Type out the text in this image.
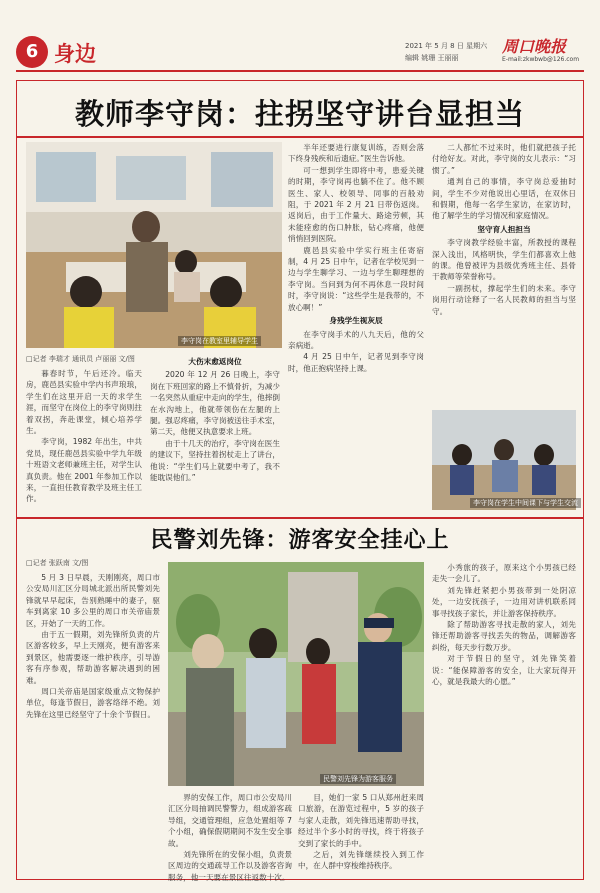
6 身边	2021 年 5 月 8 日 星期六
编辑 姚珊 王丽丽
周口晚报
E-mail:zkwbwb@126.com
教师李守岗：拄拐坚守讲台显担当
李守岗在教室里辅导学生
□记者 李瑞才 通讯员 卢丽丽 文/图

暮春时节，午后还冷。临天房，鹿邑县实验中学内书声琅琅，学生们在这里开启一天的求学生涯，而坚守在岗位上的李守岗则拄着双拐，奔赴课堂，倾心培养学生。

李守岗，1982 年出生，中共党员，现任鹿邑县实验中学九年级十班语文老师兼班主任，对学生认真负责。他在 2001 年参加工作以来，一直担任教育教学及班主任工作。

大伤末愈返岗位

2020 年 12 月 26 日晚上，李守岗在下班回家的路上不慎骨折，为减少一名突然从重症中走向的学生，他摔倒在水沟地上，他就带领伤在左腿的上腿。强忍疼痛，李守岗被送往手术室，第二天，他便又执意要求上班。

由于十几天的治疗，李守岗在医生的建议下，坚持拄着拐杖走上了讲台，他说：“学生们马上就要中考了，我不能耽误他们。”

半年还要进行康复训练，否则会落下终身残疾和后遗症。”医生告诉他。

可一想到学生即将中考，患爱关键的时期，李守岗再也躺不住了。他不顾医生、家人、校领导、同事的百般劝阻，于 2021 年 2 月 21 日带伤返岗。返岗后，由于工作量大、路途劳顿，其未能痊愈的伤口肿胀，钻心疼痛，他便悄悄回到医院。

鹿邑县实验中学实行班主任寄宿制，4 月 25 日中午，记者在学校见到一边与学生聊学习、一边与学生聊理想的李守岗。当问到为何不再休息一段时间时，李守岗说：“这些学生是我带的，不放心啊！”

身残学生视灰辰

在李守岗手术的八九天后，他的父亲病逝。

4 月 25 日中午，记者见到李守岗时，他正抱病坚持上课。

二人都忙不过来时，他们就把孩子托付给好友。对此，李守岗的女儿表示：“习惯了。”

通判自己的事情，李守岗总爱抽时间，学生不少对他说出心里话，在双休日和假期，他每一名学生家访，在家访时，他了解学生的学习情况和家庭情况。

坚守育人担担当

李守岗教学经验丰富，所教授的课程深入浅出，风格明快，学生们都喜欢上他的课。他曾被评为县级优秀班主任、县骨干教师等荣誉称号。

一副拐杖，撑起学生们的未来。李守岗用行动诠释了一名人民教师的担当与坚守。

李守岗在学生中间课下与学生交流
民警刘先锋：游客安全挂心上
□记者 张跃南 文/图

5 月 3 日早晨，天刚刚亮，周口市公安局川汇区分局城北派出所民警刘先锋就早早起床，告别熟睡中的妻子，驱车到离家 10 多公里的周口市关帝庙景区，开始了一天的工作。

由于五一假期，刘先锋所负责的片区游客较多，早上天刚亮，便有游客来到景区，他需要逐一维护秩序，引导游客有序参观，帮助游客解决遇到的困难。

周口关帝庙是国家级重点文物保护单位，每逢节假日，游客络绎不绝。刘先锋在这里已经坚守了十余个节假日。

民警刘先锋为游客服务

界的安保工作，周口市公安局川汇区分局抽调民警警力，组成游客疏导组，交通管理组，应急处置组等 7 个小组，确保假期期间不发生安全事故。

刘先锋所在的安保小组，负责景区周边的交通疏导工作以及游客咨询服务，他一天要在景区往返数十次。

目，她们一家 5 口从郑州赶来周口旅游，在游览过程中，5 岁的孩子与家人走散，刘先锋迅速帮助寻找，经过半个多小时的寻找，终于将孩子交到了家长的手中。

之后，刘先锋继续投入到工作中，在人群中穿梭维持秩序。

小秀旅的孩子，原来这个小男孩已经走失一会儿了。

刘先锋赶紧把小男孩带到一处阴凉处，一边安抚孩子，一边用对讲机联系同事寻找孩子家长，并让游客保持秩序。

除了帮助游客寻找走散的家人，刘先锋还帮助游客寻找丢失的物品，调解游客纠纷，每天步行数万步。

对于节假日的坚守，刘先锋笑着说：“能保障游客的安全，让大家玩得开心，就是我最大的心愿。”
